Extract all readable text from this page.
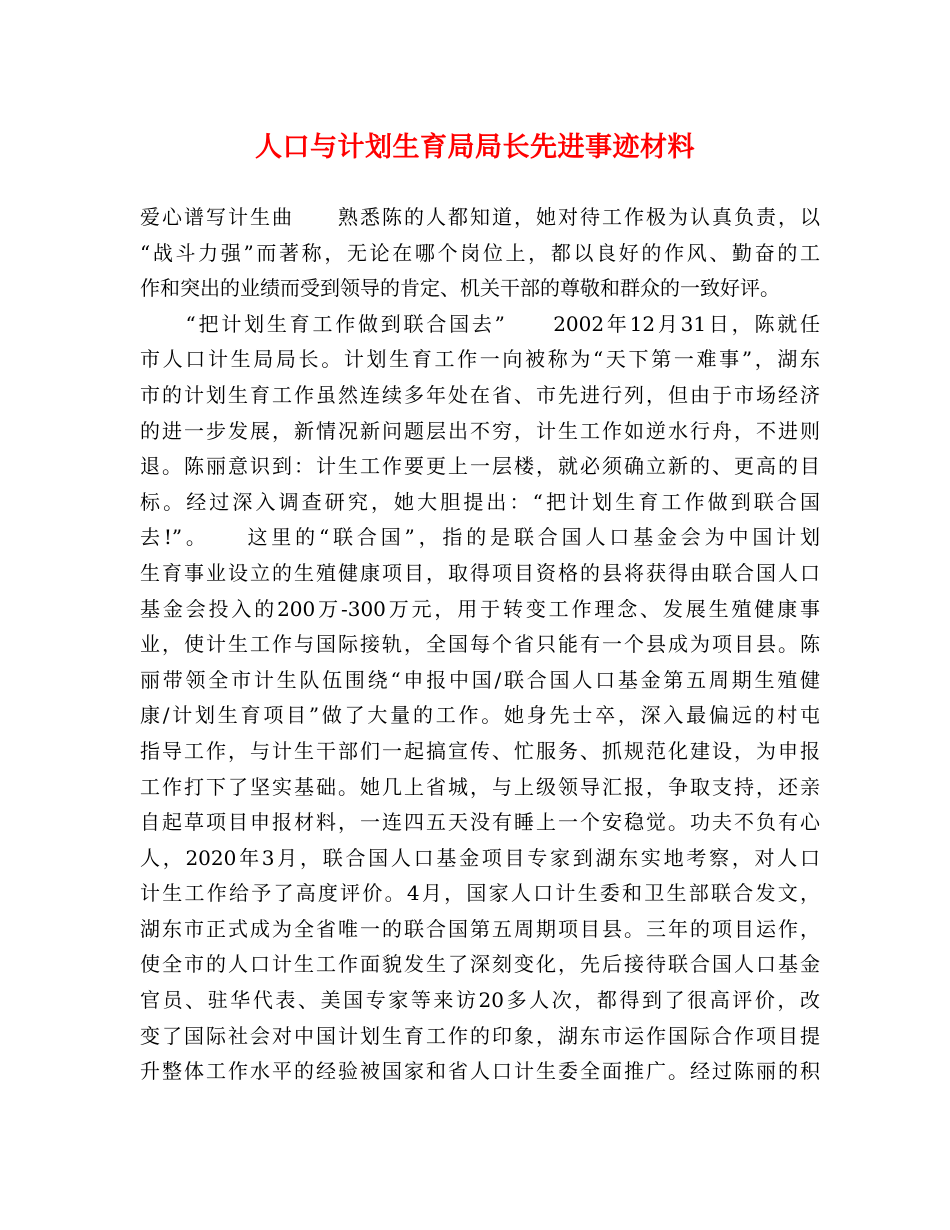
人口与计划生育局局长先进事迹材料
爱心谱写计生曲　　熟悉陈的人都知道，她对待工作极为认真负责，以
“战斗力强”而著称，无论在哪个岗位上，都以良好的作风、勤奋的工
作和突出的业绩而受到领导的肯定、机关干部的尊敬和群众的一致好评。
　　“把计划生育工作做到联合国去”　　2002年12月31日，陈就任
市人口计生局局长。计划生育工作一向被称为“天下第一难事”，湖东
市的计划生育工作虽然连续多年处在省、市先进行列，但由于市场经济
的进一步发展，新情况新问题层出不穷，计生工作如逆水行舟，不进则
退。陈丽意识到：计生工作要更上一层楼，就必须确立新的、更高的目
标。经过深入调查研究，她大胆提出：“把计划生育工作做到联合国
去!”。　　这里的“联合国”，指的是联合国人口基金会为中国计划
生育事业设立的生殖健康项目，取得项目资格的县将获得由联合国人口
基金会投入的200万-300万元，用于转变工作理念、发展生殖健康事
业，使计生工作与国际接轨，全国每个省只能有一个县成为项目县。陈
丽带领全市计生队伍围绕“申报中国/联合国人口基金第五周期生殖健
康/计划生育项目”做了大量的工作。她身先士卒，深入最偏远的村屯
指导工作，与计生干部们一起搞宣传、忙服务、抓规范化建设，为申报
工作打下了坚实基础。她几上省城，与上级领导汇报，争取支持，还亲
自起草项目申报材料，一连四五天没有睡上一个安稳觉。功夫不负有心
人，2020年3月，联合国人口基金项目专家到湖东实地考察，对人口
计生工作给予了高度评价。4月，国家人口计生委和卫生部联合发文，
湖东市正式成为全省唯一的联合国第五周期项目县。三年的项目运作，
使全市的人口计生工作面貌发生了深刻变化，先后接待联合国人口基金
官员、驻华代表、美国专家等来访20多人次，都得到了很高评价，改
变了国际社会对中国计划生育工作的印象，湖东市运作国际合作项目提
升整体工作水平的经验被国家和省人口计生委全面推广。经过陈丽的积
